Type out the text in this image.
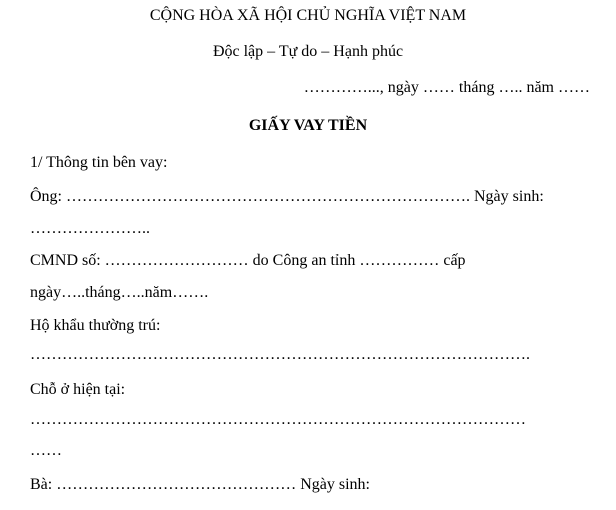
CỘNG HÒA XÃ HỘI CHỦ NGHĨA VIỆT NAM
Độc lập – Tự do – Hạnh phúc
…………..., ngày …… tháng ….. năm ……
GIẤY VAY TIỀN
1/ Thông tin bên vay:
Ông: …………………………………………………………………. Ngày sinh:
…………………..
CMND số: ……………………… do Công an tỉnh …………… cấp
ngày…..tháng…..năm…….
Hộ khẩu thường trú:
………………………………………………………………………………….
Chỗ ở hiện tại:
…………………………………………………………………………………
……
Bà: ……………………………………… Ngày sinh:
